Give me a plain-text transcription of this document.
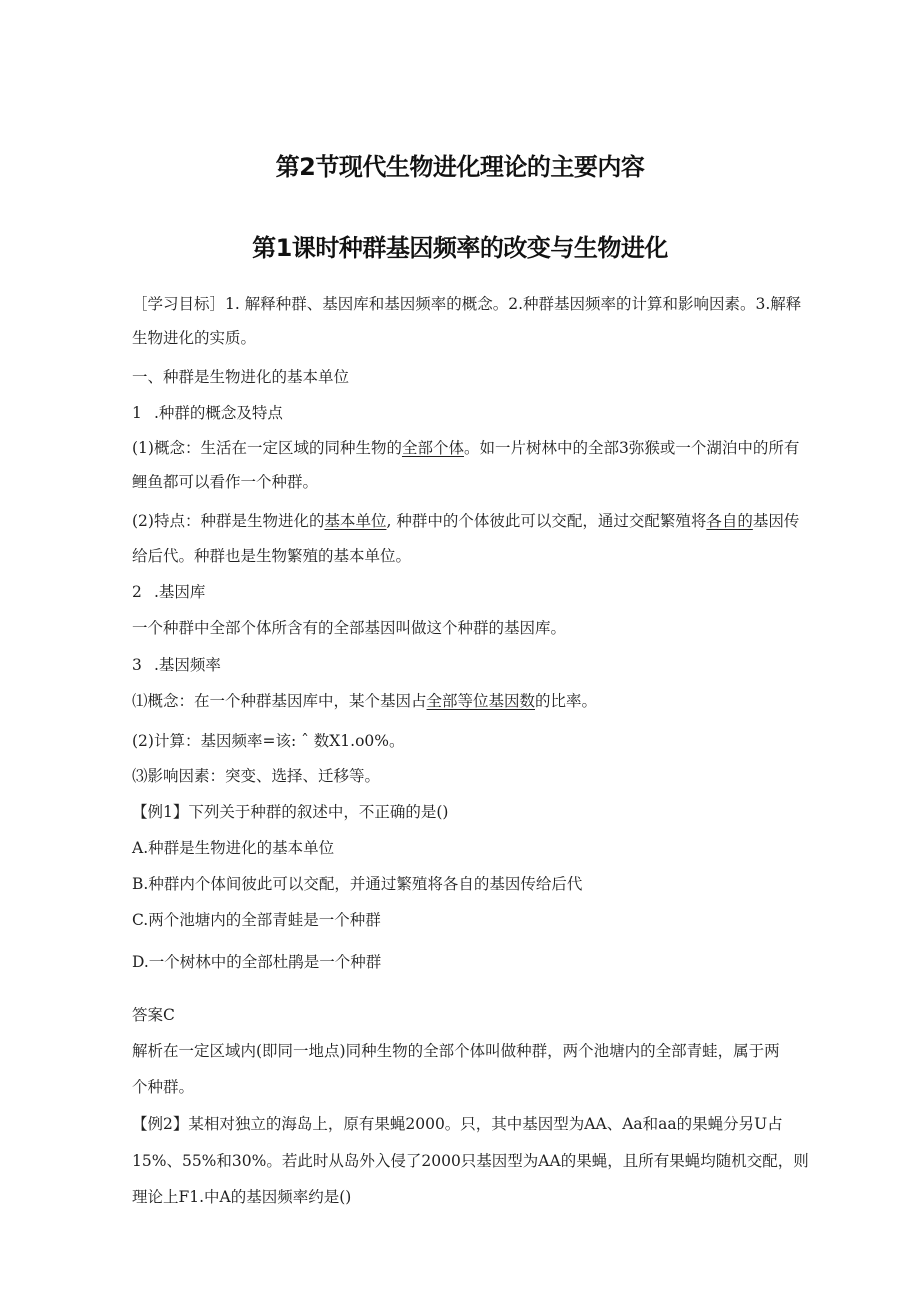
第2节现代生物进化理论的主要内容
第1课时种群基因频率的改变与生物进化
［学习目标］1. 解释种群、基因库和基因频率的概念。2.种群基因频率的计算和影响因素。3.解释
生物进化的实质。
一、种群是生物进化的基本单位
1 .种群的概念及特点
(1)概念：生活在一定区域的同种生物的全部个体。如一片树林中的全部3弥猴或一个湖泊中的所有
鲤鱼都可以看作一个种群。
(2)特点：种群是生物进化的基本单位, 种群中的个体彼此可以交配，通过交配繁殖将各自的基因传
给后代。种群也是生物繁殖的基本单位。
2 .基因库
一个种群中全部个体所含有的全部基因叫做这个种群的基因库。
3 .基因频率
⑴概念：在一个种群基因库中，某个基因占全部等位基因数的比率。
(2)计算：基因频率=该: ˆ 数X1.o0%。
⑶影响因素：突变、选择、迁移等。
【例1】下列关于种群的叙述中，不正确的是()
A.种群是生物进化的基本单位
B.种群内个体间彼此可以交配，并通过繁殖将各自的基因传给后代
C.两个池塘内的全部青蛙是一个种群
D.一个树林中的全部杜鹃是一个种群
答案C
解析在一定区域内(即同一地点)同种生物的全部个体叫做种群，两个池塘内的全部青蛙，属于两
个种群。
【例2】某相对独立的海岛上，原有果蝇2000。只，其中基因型为AA、Aa和aa的果蝇分另U占
15%、55%和30%。若此时从岛外入侵了2000只基因型为AA的果蝇，且所有果蝇均随机交配，则
理论上F1.中A的基因频率约是()
